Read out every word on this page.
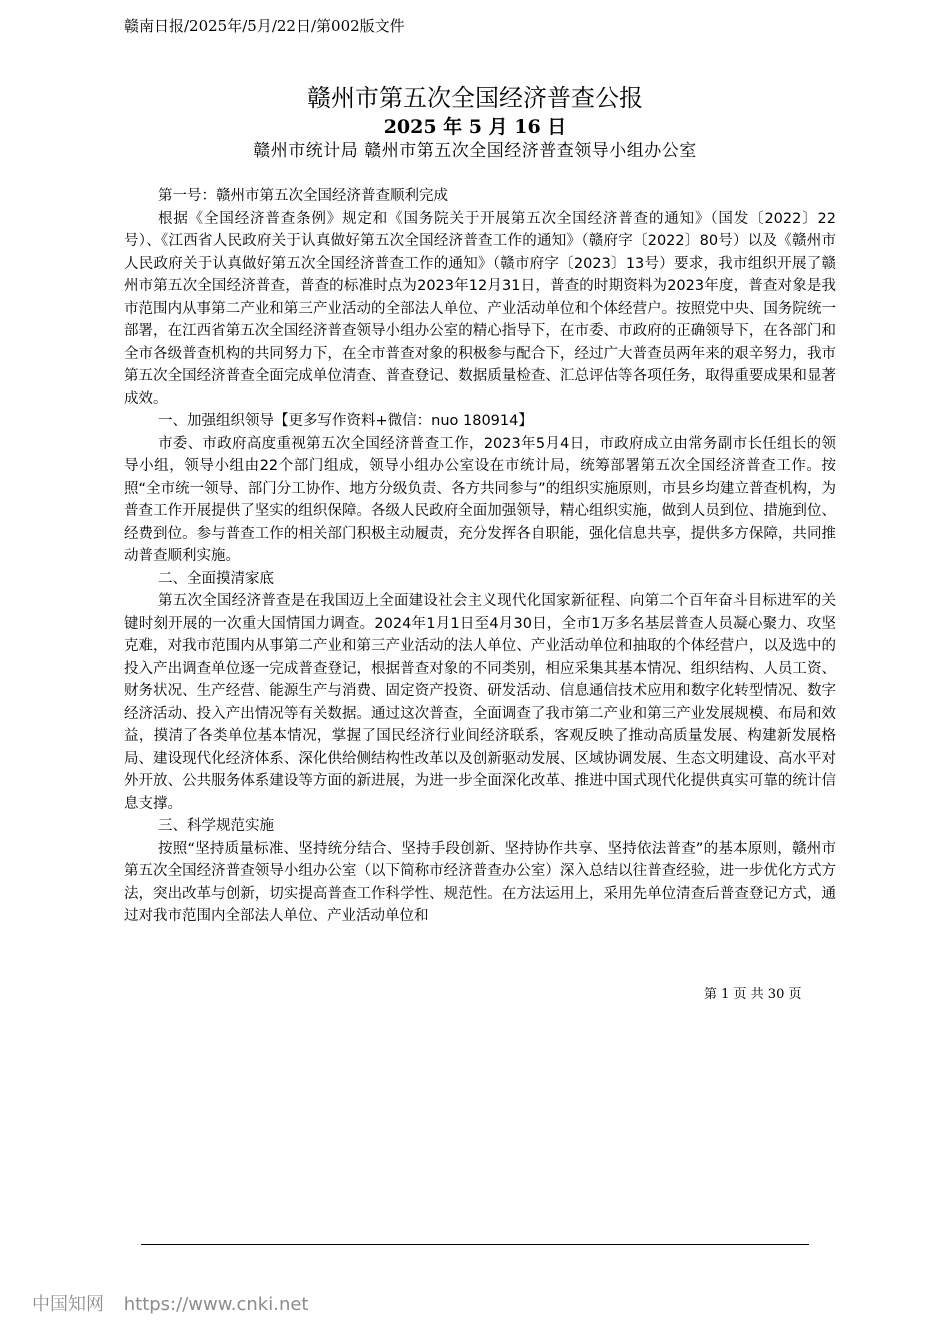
赣南日报/2025年/5月/22日/第002版文件
赣州市第五次全国经济普查公报
2025 年 5 月 16 日
赣州市统计局 赣州市第五次全国经济普查领导小组办公室

第一号：赣州市第五次全国经济普查顺利完成

根据《全国经济普查条例》规定和《国务院关于开展第五次全国经济普查的通知》（国发〔2022〕22号）、《江西省人民政府关于认真做好第五次全国经济普查工作的通知》（赣府字〔2022〕80号）以及《赣州市人民政府关于认真做好第五次全国经济普查工作的通知》（赣市府字〔2023〕13号）要求，我市组织开展了赣州市第五次全国经济普查，普查的标准时点为2023年12月31日，普查的时期资料为2023年度，普查对象是我市范围内从事第二产业和第三产业活动的全部法人单位、产业活动单位和个体经营户。按照党中央、国务院统一部署，在江西省第五次全国经济普查领导小组办公室的精心指导下，在市委、市政府的正确领导下，在各部门和全市各级普查机构的共同努力下，在全市普查对象的积极参与配合下，经过广大普查员两年来的艰辛努力，我市第五次全国经济普查全面完成单位清查、普查登记、数据质量检查、汇总评估等各项任务，取得重要成果和显著成效。

一、加强组织领导【更多写作资料+微信：nuo 180914】

市委、市政府高度重视第五次全国经济普查工作，2023年5月4日，市政府成立由常务副市长任组长的领导小组，领导小组由22个部门组成，领导小组办公室设在市统计局，统筹部署第五次全国经济普查工作。按照“全市统一领导、部门分工协作、地方分级负责、各方共同参与”的组织实施原则，市县乡均建立普查机构，为普查工作开展提供了坚实的组织保障。各级人民政府全面加强领导，精心组织实施，做到人员到位、措施到位、经费到位。参与普查工作的相关部门积极主动履责，充分发挥各自职能，强化信息共享，提供多方保障，共同推动普查顺利实施。

二、全面摸清家底

第五次全国经济普查是在我国迈上全面建设社会主义现代化国家新征程、向第二个百年奋斗目标进军的关键时刻开展的一次重大国情国力调查。2024年1月1日至4月30日，全市1万多名基层普查人员凝心聚力、攻坚克难，对我市范围内从事第二产业和第三产业活动的法人单位、产业活动单位和抽取的个体经营户，以及选中的投入产出调查单位逐一完成普查登记，根据普查对象的不同类别，相应采集其基本情况、组织结构、人员工资、财务状况、生产经营、能源生产与消费、固定资产投资、研发活动、信息通信技术应用和数字化转型情况、数字经济活动、投入产出情况等有关数据。通过这次普查，全面调查了我市第二产业和第三产业发展规模、布局和效益，摸清了各类单位基本情况，掌握了国民经济行业间经济联系，客观反映了推动高质量发展、构建新发展格局、建设现代化经济体系、深化供给侧结构性改革以及创新驱动发展、区域协调发展、生态文明建设、高水平对外开放、公共服务体系建设等方面的新进展，为进一步全面深化改革、推进中国式现代化提供真实可靠的统计信息支撑。

三、科学规范实施

按照“坚持质量标准、坚持统分结合、坚持手段创新、坚持协作共享、坚持依法普查”的基本原则，赣州市第五次全国经济普查领导小组办公室（以下简称市经济普查办公室）深入总结以往普查经验，进一步优化方式方法，突出改革与创新，切实提高普查工作科学性、规范性。在方法运用上，采用先单位清查后普查登记方式，通过对我市范围内全部法人单位、产业活动单位和

第 1 页 共 30 页
中国知网 https://www.cnki.net
